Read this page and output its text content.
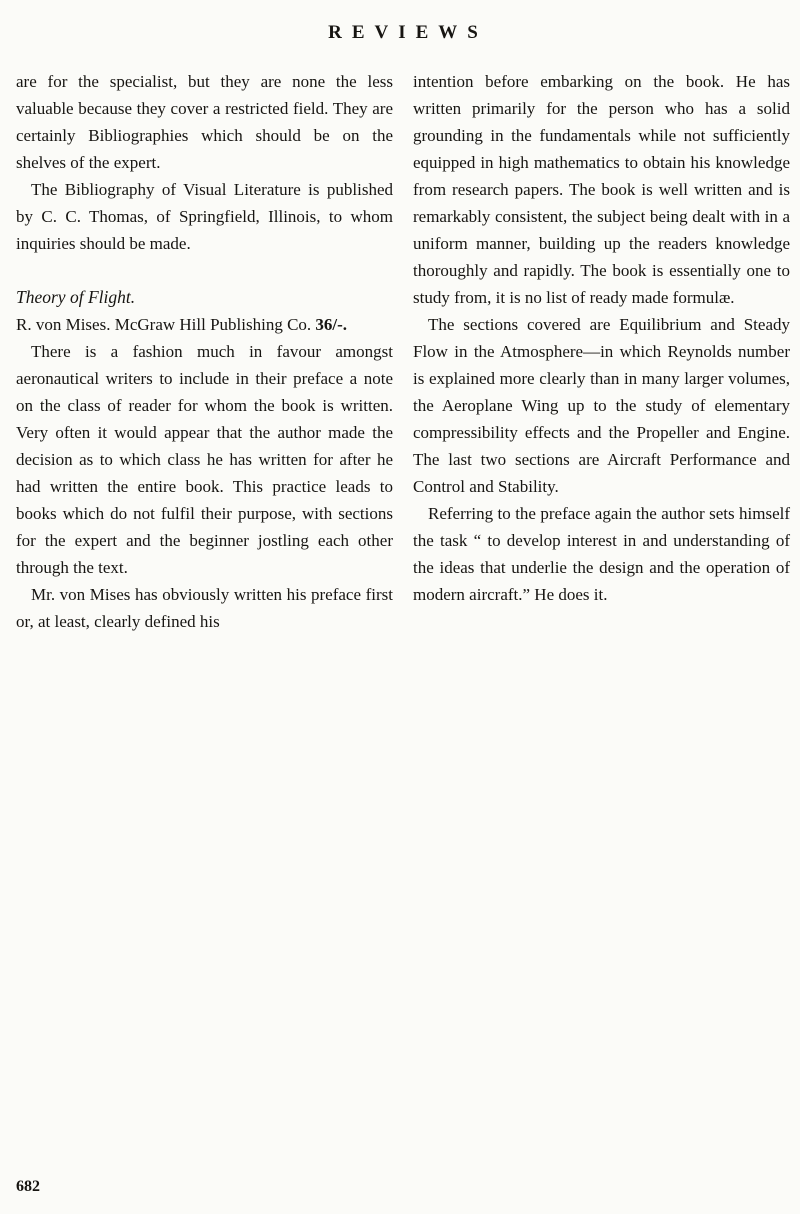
REVIEWS

are for the specialist, but they are none the less valuable because they cover a restricted field. They are certainly Bibliographies which should be on the shelves of the expert.

The Bibliography of Visual Literature is published by C. C. Thomas, of Springfield, Illinois, to whom inquiries should be made.

Theory of Flight.

R. von Mises. McGraw Hill Publishing Co. 36/-.

There is a fashion much in favour amongst aeronautical writers to include in their preface a note on the class of reader for whom the book is written. Very often it would appear that the author made the decision as to which class he has written for after he had written the entire book. This practice leads to books which do not fulfil their purpose, with sections for the expert and the beginner jostling each other through the text.

Mr. von Mises has obviously written his preface first or, at least, clearly defined his

intention before embarking on the book. He has written primarily for the person who has a solid grounding in the fundamentals while not sufficiently equipped in high mathematics to obtain his knowledge from research papers. The book is well written and is remarkably consistent, the subject being dealt with in a uniform manner, building up the readers knowledge thoroughly and rapidly. The book is essentially one to study from, it is no list of ready made formulæ.

The sections covered are Equilibrium and Steady Flow in the Atmosphere—in which Reynolds number is explained more clearly than in many larger volumes, the Aeroplane Wing up to the study of elementary compressibility effects and the Propeller and Engine. The last two sections are Aircraft Performance and Control and Stability.

Referring to the preface again the author sets himself the task “ to develop interest in and understanding of the ideas that underlie the design and the operation of modern aircraft.” He does it.

682
